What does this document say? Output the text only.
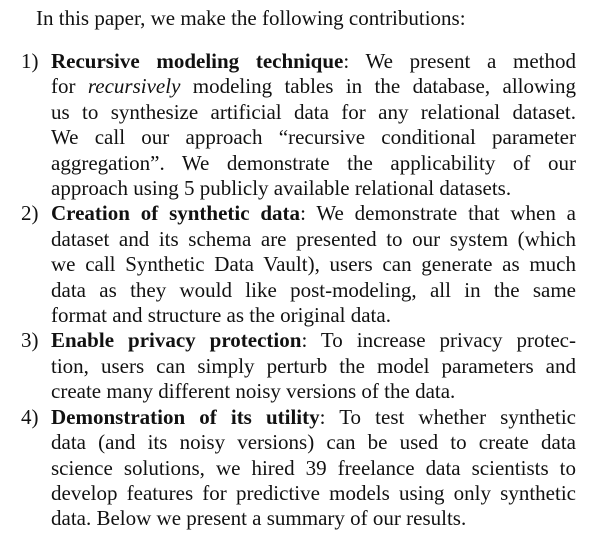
In this paper, we make the following contributions:

1) Recursive modeling technique: We present a method
for recursively modeling tables in the database, allowing
us to synthesize artificial data for any relational dataset.
We call our approach “recursive conditional parameter
aggregation”. We demonstrate the applicability of our
approach using 5 publicly available relational datasets.
2) Creation of synthetic data: We demonstrate that when a
dataset and its schema are presented to our system (which
we call Synthetic Data Vault), users can generate as much
data as they would like post-modeling, all in the same
format and structure as the original data.
3) Enable privacy protection: To increase privacy protec-
tion, users can simply perturb the model parameters and
create many different noisy versions of the data.
4) Demonstration of its utility: To test whether synthetic
data (and its noisy versions) can be used to create data
science solutions, we hired 39 freelance data scientists to
develop features for predictive models using only synthetic
data. Below we present a summary of our results.
